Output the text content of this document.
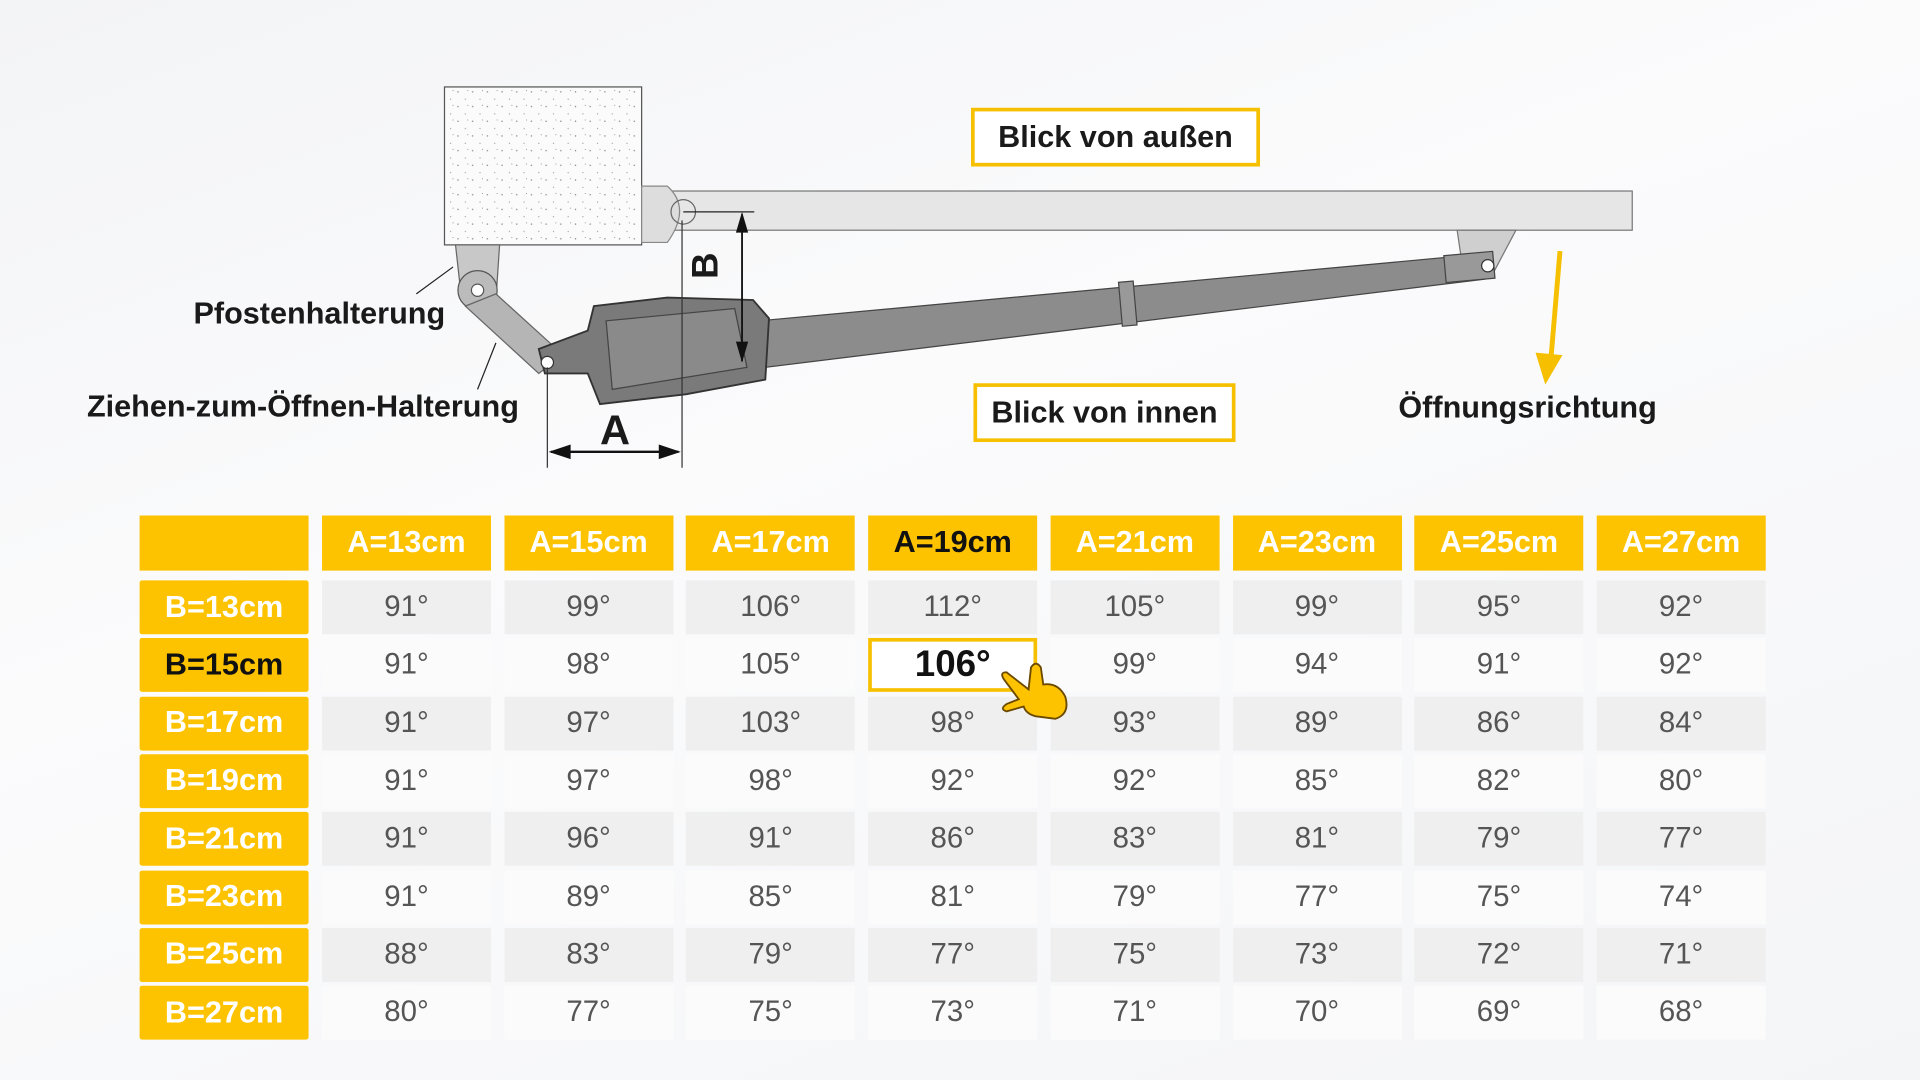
B
A
Blick von außen
Blick von innen
Pfostenhalterung
Ziehen-zum-Öffnen-Halterung	Öffnungsrichtung
A=13cm	A=15cm	A=17cm	A=19cm	A=21cm	A=23cm	A=25cm	A=27cm
B=13cm	91°	99°	106°	112°	105°	99°	95°	92°
B=15cm	91°	98°	105°	106°	99°	94°	91°	92°
B=17cm	91°	97°	103°	98°	93°	89°	86°	84°
B=19cm	91°	97°	98°	92°	92°	85°	82°	80°
B=21cm	91°	96°	91°	86°	83°	81°	79°	77°
B=23cm	91°	89°	85°	81°	79°	77°	75°	74°
B=25cm	88°	83°	79°	77°	75°	73°	72°	71°
B=27cm	80°	77°	75°	73°	71°	70°	69°	68°
